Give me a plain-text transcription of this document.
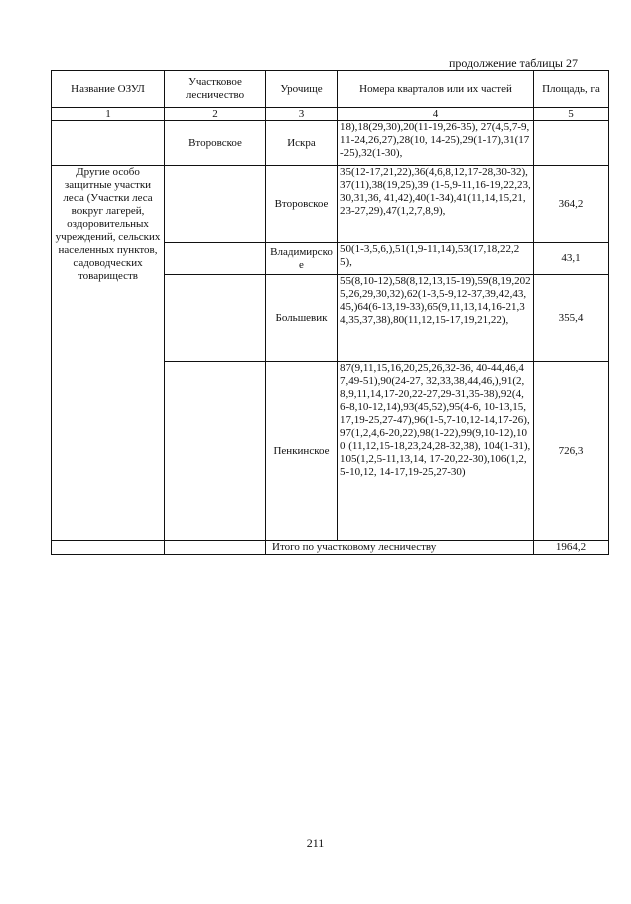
продолжение таблицы 27
Название ОЗУЛ	Участковое лесничество	Урочище	Номера кварталов или их частей	Площадь, га
1	2	3	4	5
	Второвское	Искра	18),18(29,30),20(11-19,26-35), 27(4,5,7-9,11-24,26,27),28(10, 14-25),29(1-17),31(17-25),32(1-30),	
Другие особо защитные участки леса (Участки леса вокруг лагерей, оздоровительных учреждений, сельских населенных пунктов, садоводческих товариществ		Второвское	35(12-17,21,22),36(4,6,8,12,17-28,30-32),37(11),38(19,25),39 (1-5,9-11,16-19,22,23,30,31,36, 41,42),40(1-34),41(11,14,15,21, 23-27,29),47(1,2,7,8,9),	364,2
		Владимирское	50(1-3,5,6,),51(1,9-11,14),53(17,18,22,25),	43,1
		Большевик	55(8,10-12),58(8,12,13,15-19),59(8,19,2025,26,29,30,32),62(1-3,5-9,12-37,39,42,43,45,)64(6-13,19-33),65(9,11,13,14,16-21,34,35,37,38),80(11,12,15-17,19,21,22),	355,4
		Пенкинское	87(9,11,15,16,20,25,26,32-36, 40-44,46,47,49-51),90(24-27, 32,33,38,44,46,),91(2,8,9,11,14,17-20,22-27,29-31,35-38),92(4, 6-8,10-12,14),93(45,52),95(4-6, 10-13,15,17,19-25,27-47),96(1-5,7-10,12-14,17-26),97(1,2,4,6-20,22),98(1-22),99(9,10-12),100 (11,12,15-18,23,24,28-32,38), 104(1-31),105(1,2,5-11,13,14, 17-20,22-30),106(1,2,5-10,12, 14-17,19-25,27-30)	726,3
		Итого по участковому лесничеству		1964,2
211
